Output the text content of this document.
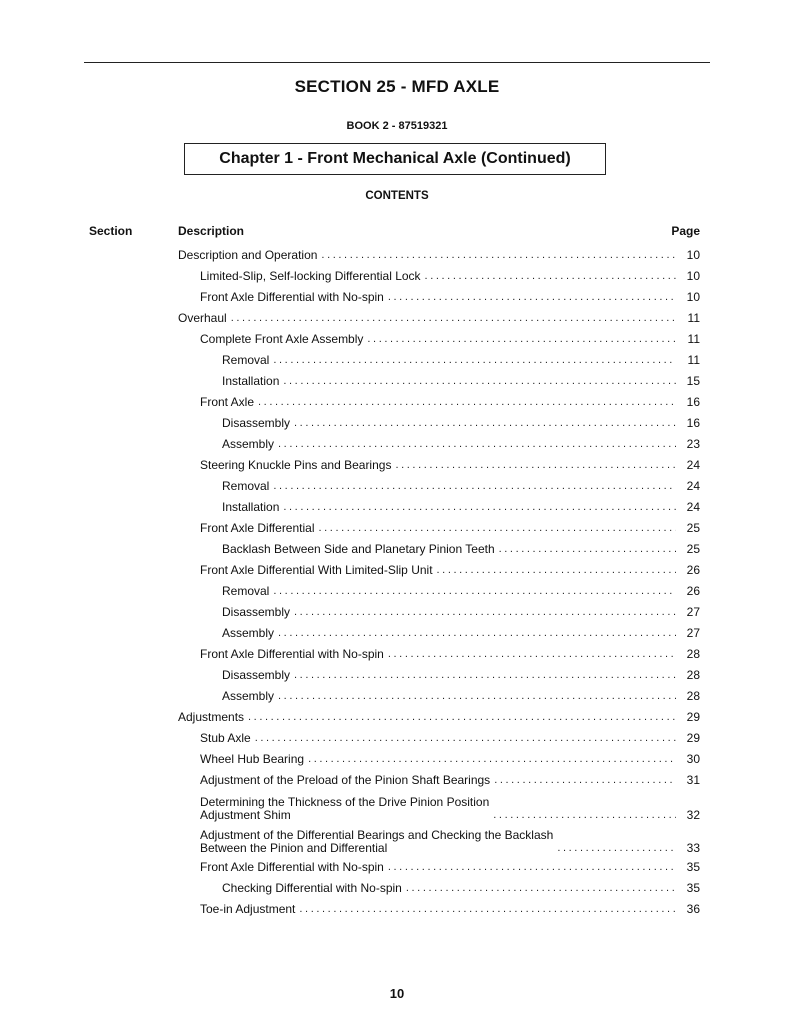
SECTION 25 - MFD AXLE
BOOK 2 - 87519321
Chapter 1 - Front Mechanical Axle (Continued)
CONTENTS
Section	Description	Page
Description and Operation .....	10
Limited-Slip, Self-locking Differential Lock .....	10
Front Axle Differential with No-spin .....	10
Overhaul .....	11
Complete Front Axle Assembly .....	11
Removal .....	11
Installation .....	15
Front Axle .....	16
Disassembly .....	16
Assembly .....	23
Steering Knuckle Pins and Bearings .....	24
Removal .....	24
Installation .....	24
Front Axle Differential .....	25
Backlash Between Side and Planetary Pinion Teeth .....	25
Front Axle Differential With Limited-Slip Unit .....	26
Removal .....	26
Disassembly .....	27
Assembly .....	27
Front Axle Differential with No-spin .....	28
Disassembly .....	28
Assembly .....	28
Adjustments .....	29
Stub Axle .....	29
Wheel Hub Bearing .....	30
Adjustment of the Preload of the Pinion Shaft Bearings .....	31
Determining the Thickness of the Drive Pinion Position
Adjustment Shim .....	32
Adjustment of the Differential Bearings and Checking the Backlash
Between the Pinion and Differential .....	33
Front Axle Differential with No-spin .....	35
Checking Differential with No-spin .....	35
Toe-in Adjustment .....	36
10
